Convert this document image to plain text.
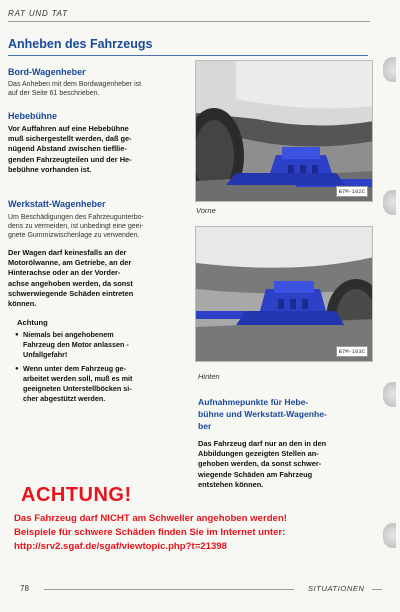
RAT UND TAT
Anheben des Fahrzeugs
Bord-Wagenheber
Das Anheben mit dem Bordwagenheber ist
auf der Seite 61 beschrieben.
Hebebühne
Vor Auffahren auf eine Hebebühne
muß sichergestellt werden, daß ge-
nügend Abstand zwischen tiefllie-
genden Fahrzeugteilen und der He-
bebühne vorhanden ist.
Werkstatt-Wagenheber
Um Beschädigungen des Fahrzeugunterbo-
dens zu vermeiden, ist unbedingt eine geei-
gnete Gummizwischenlage zu verwenden.
Der Wagen darf keinesfalls an der
Motorölwanne, am Getriebe, an der
Hinterachse oder an der Vorder-
achse angehoben werden, da sonst
schwerwiegende Schäden eintreten
können.
Achtung
● Niemals bei angehobenem
Fahrzeug den Motor anlassen -
Unfallgefahr!
● Wenn unter dem Fahrzeug ge-
arbeitet werden soll, muß es mit
geeigneten Unterstellböcken si-
cher abgestützt werden.
B7M-102C
Vorne
B7M-103C
Hinten
Aufnahmepunkte für Hebe-
bühne und Werkstatt-Wagenhe-
ber
Das Fahrzeug darf nur an den in den
Abbildungen gezeigten Stellen an-
gehoben werden, da sonst schwer-
wiegende Schäden am Fahrzeug
entstehen können.
ACHTUNG!
Das Fahrzeug darf NICHT am Schweller angehoben werden!
Beispiele für schwere Schäden finden Sie im Internet unter:
http://srv2.sgaf.de/sgaf/viewtopic.php?t=21398
78	SITUATIONEN
